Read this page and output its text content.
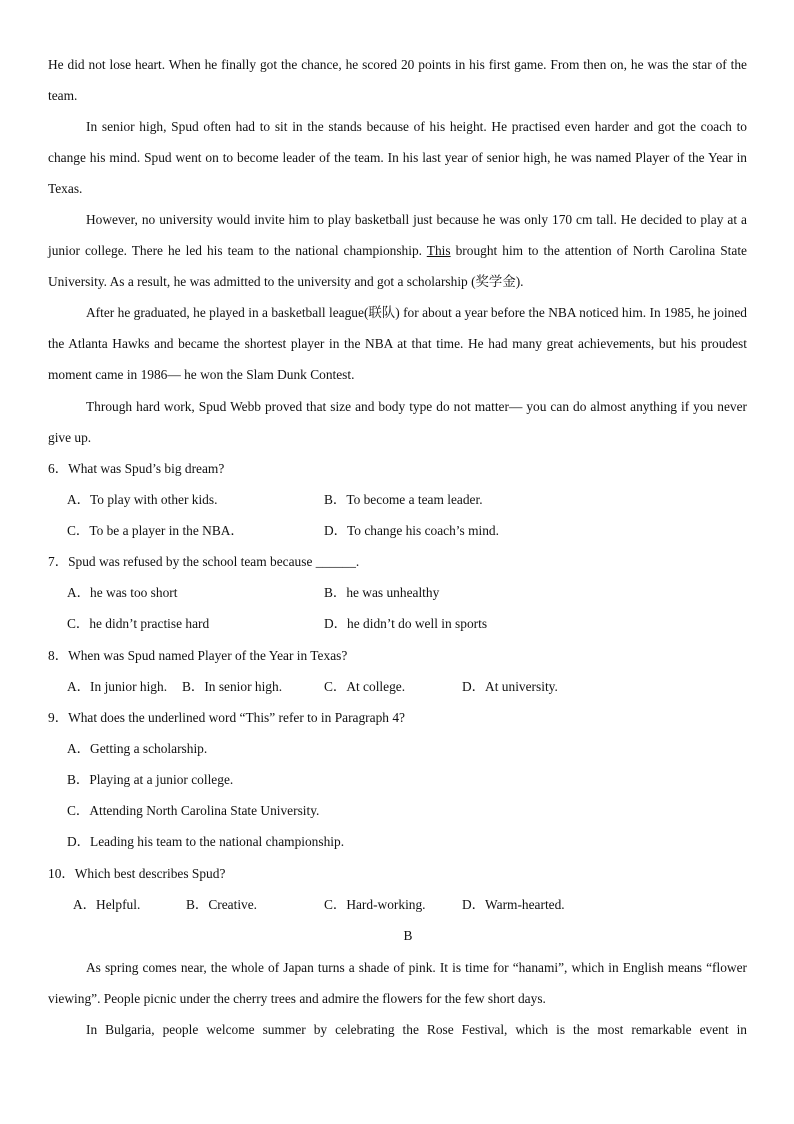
He did not lose heart. When he finally got the chance, he scored 20 points in his first game. From then on, he was the star of the team.

In senior high, Spud often had to sit in the stands because of his height. He practised even harder and got the coach to change his mind. Spud went on to become leader of the team. In his last year of senior high, he was named Player of the Year in Texas.

However, no university would invite him to play basketball just because he was only 170 cm tall. He decided to play at a junior college. There he led his team to the national championship. This brought him to the attention of North Carolina State University. As a result, he was admitted to the university and got a scholarship (奖学金).

After he graduated, he played in a basketball league(联队) for about a year before the NBA noticed him. In 1985, he joined the Atlanta Hawks and became the shortest player in the NBA at that time. He had many great achievements, but his proudest moment came in 1986— he won the Slam Dunk Contest.

Through hard work, Spud Webb proved that size and body type do not matter— you can do almost anything if you never give up.

6．What was Spud’s big dream?
A．To play with other kids.	B．To become a team leader.
C．To be a player in the NBA．	D．To change his coach’s mind.
7．Spud was refused by the school team because ______.
A．he was too short	B．he was unhealthy
C．he didn’t practise hard	D．he didn’t do well in sports
8．When was Spud named Player of the Year in Texas?
A．In junior high. B．In senior high.	C．At college.	D．At university.
9．What does the underlined word “This” refer to in Paragraph 4?
A．Getting a scholarship.
B．Playing at a junior college.
C．Attending North Carolina State University.
D．Leading his team to the national championship.
10．Which best describes Spud?
A．Helpful.	B．Creative.	C．Hard-working.	D．Warm-hearted.
B

As spring comes near, the whole of Japan turns a shade of pink. It is time for “hanami”, which in English means “flower viewing”. People picnic under the cherry trees and admire the flowers for the few short days.

In Bulgaria, people welcome summer by celebrating the Rose Festival, which is the most remarkable event in
